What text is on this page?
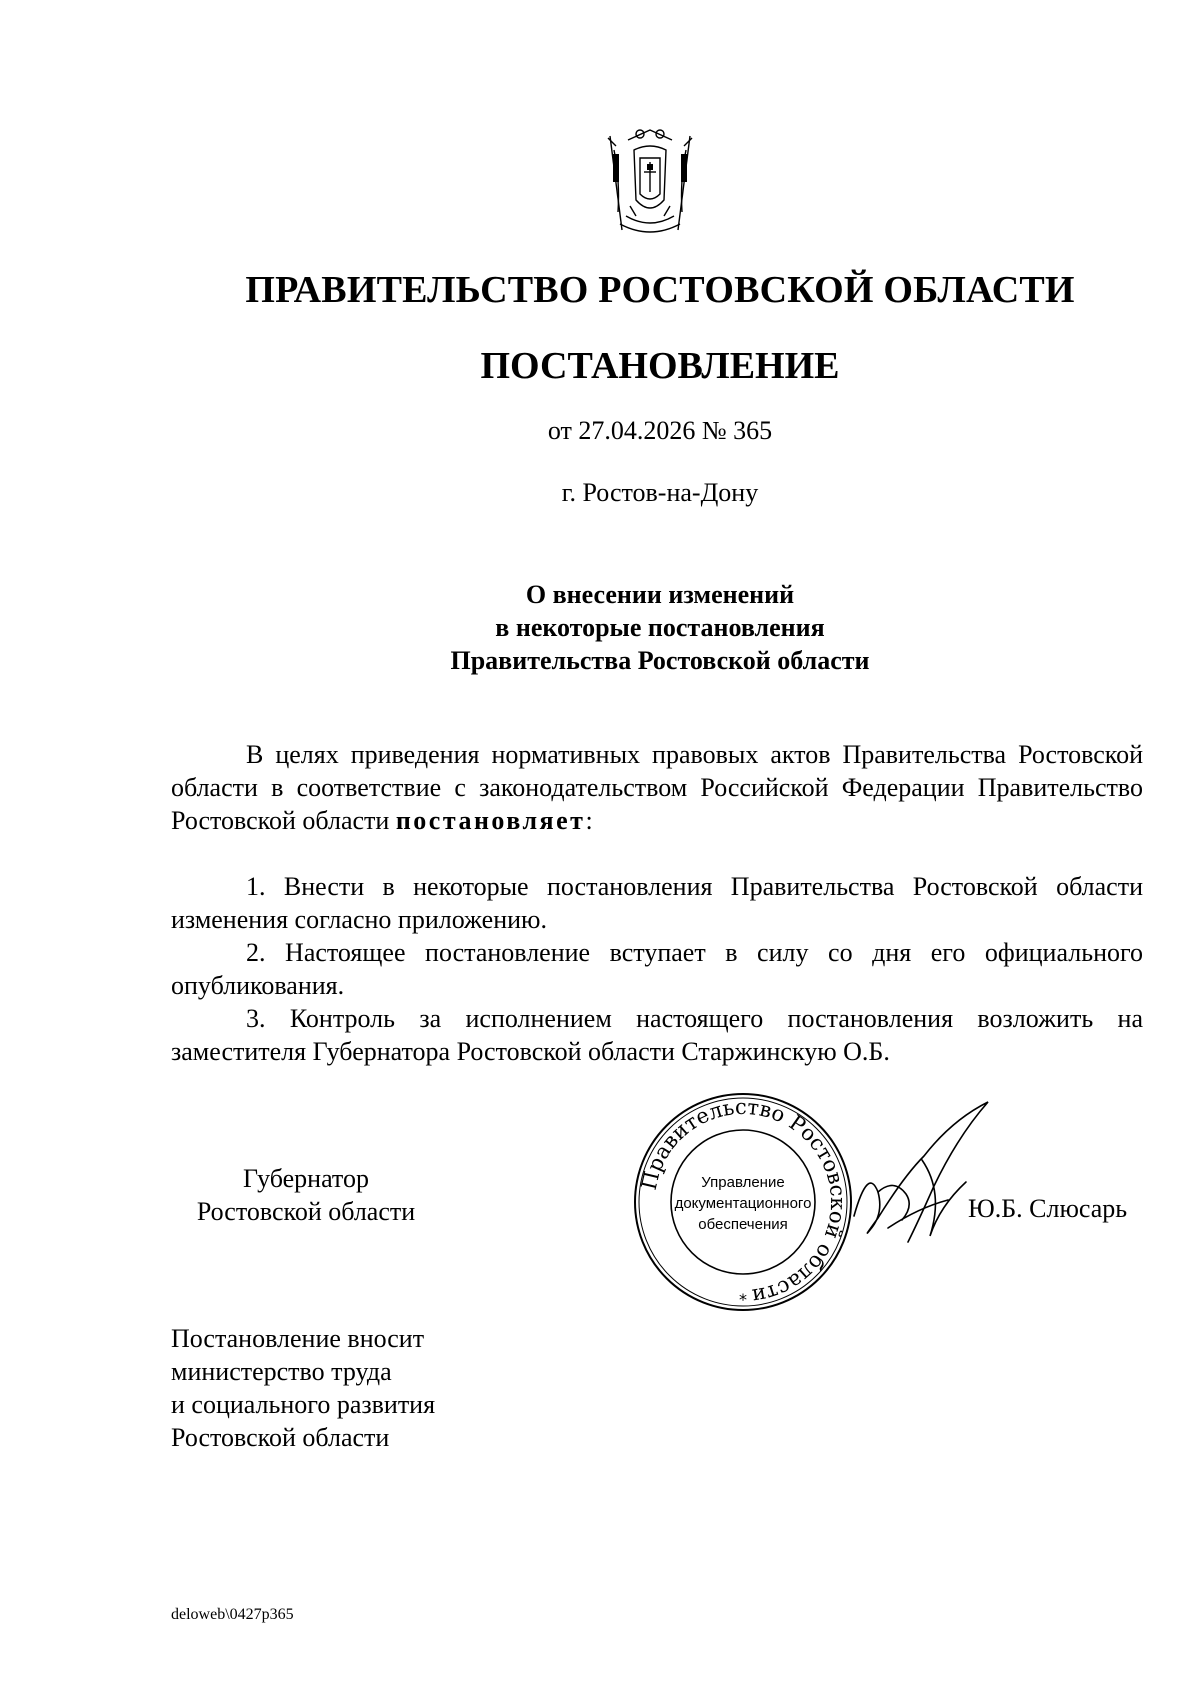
ПРАВИТЕЛЬСТВО РОСТОВСКОЙ ОБЛАСТИ
ПОСТАНОВЛЕНИЕ
от 27.04.2026 № 365
г. Ростов-на-Дону
О внесении изменений
в некоторые постановления
Правительства Ростовской области
В целях приведения нормативных правовых актов Правительства Ростовской области в соответствие с законодательством Российской Федерации Правительство Ростовской области постановляет:

1. Внести в некоторые постановления Правительства Ростовской области изменения согласно приложению.

2. Настоящее постановление вступает в силу со дня его официального опубликования.

3. Контроль за исполнением настоящего постановления возложить на заместителя Губернатора Ростовской области Старжинскую О.Б.

Губернатор
Ростовской области
Правительство Ростовской области
Управление
документационного
обеспечения
*
Ю.Б. Слюсарь
Постановление вносит
министерство труда
и социального развития
Ростовской области
deloweb\0427p365
